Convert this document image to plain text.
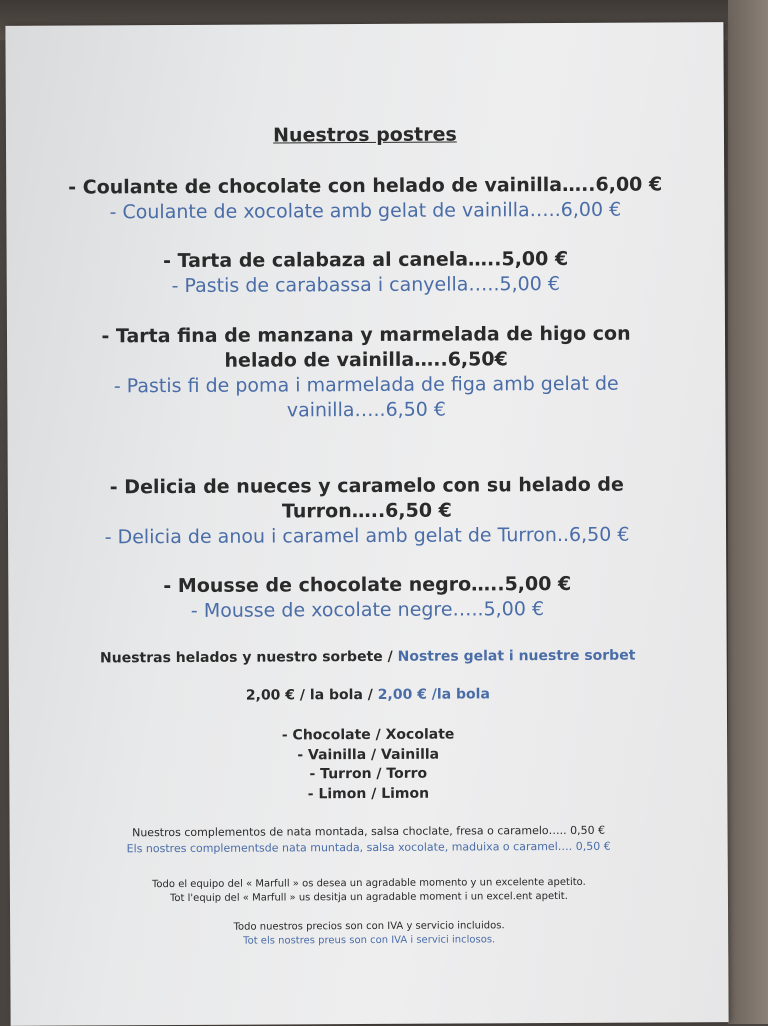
Nuestros postres
- Coulante de chocolate con helado de vainilla…..6,00 €
- Coulante de xocolate amb gelat de vainilla…..6,00 €
- Tarta de calabaza al canela…..5,00 €
- Pastis de carabassa i canyella…..5,00 €
- Tarta fina de manzana y marmelada de higo con
helado de vainilla…..6,50€
- Pastis fi de poma i marmelada de figa amb gelat de
vainilla…..6,50 €
- Delicia de nueces y caramelo con su helado de
Turron…..6,50 €
- Delicia de anou i caramel amb gelat de Turron..6,50 €
- Mousse de chocolate negro…..5,00 €
- Mousse de xocolate negre…..5,00 €
Nuestras helados y nuestro sorbete / Nostres gelat i nuestre sorbet
2,00 € / la bola / 2,00 € /la bola
- Chocolate / Xocolate
- Vainilla / Vainilla
- Turron / Torro
- Limon / Limon
Nuestros complementos de nata montada, salsa choclate, fresa o caramelo….. 0,50 €
Els nostres complementsde nata muntada, salsa xocolate, maduixa o caramel…. 0,50 €
Todo el equipo del « Marfull » os desea un agradable momento y un excelente apetito.
Tot l'equip del « Marfull » us desitja un agradable moment i un excel.ent apetit.
Todo nuestros precios son con IVA y servicio incluidos.
Tot els nostres preus son con IVA i servici inclosos.
